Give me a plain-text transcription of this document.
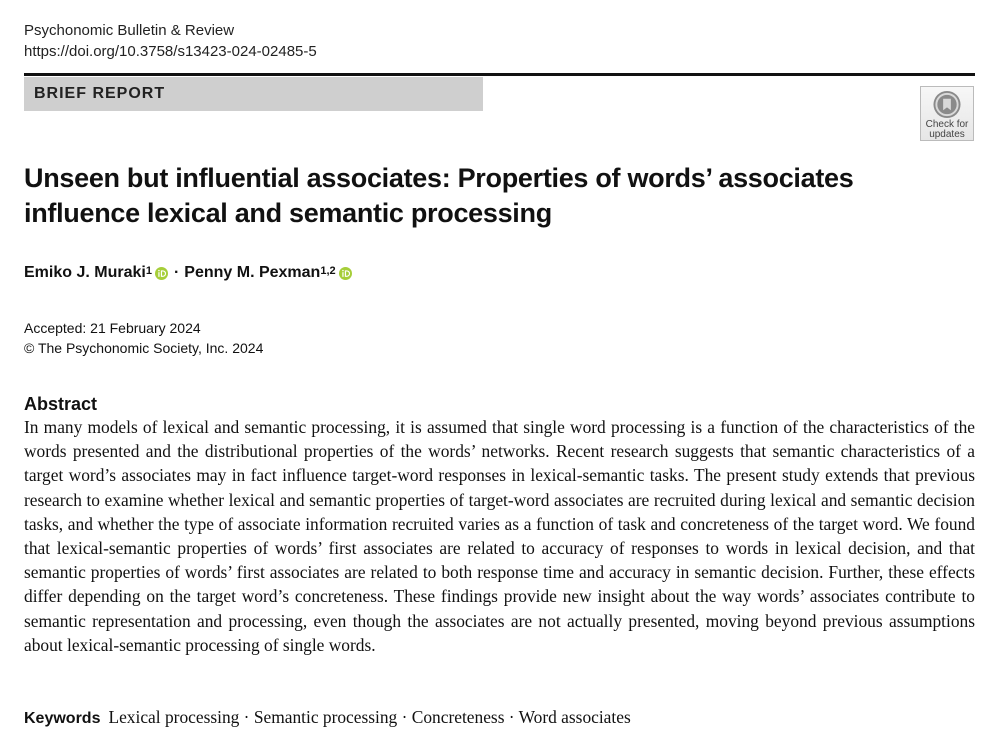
Psychonomic Bulletin & Review
https://doi.org/10.3758/s13423-024-02485-5
BRIEF REPORT
Check for
updates
Unseen but influential associates: Properties of words’ associates influence lexical and semantic processing
Emiko J. Muraki$^1$ · Penny M. Pexman$^{1,2}$
Accepted: 21 February 2024
© The Psychonomic Society, Inc. 2024
Abstract
In many models of lexical and semantic processing, it is assumed that single word processing is a function of the characteristics of the words presented and the distributional properties of the words’ networks. Recent research suggests that semantic characteristics of a target word’s associates may in fact influence target-word responses in lexical-semantic tasks. The present study extends that previous research to examine whether lexical and semantic properties of target-word associates are recruited during lexical and semantic decision tasks, and whether the type of associate information recruited varies as a function of task and concreteness of the target word. We found that lexical-semantic properties of words’ first associates are related to accuracy of responses to words in lexical decision, and that semantic properties of words’ first associates are related to both response time and accuracy in semantic decision. Further, these effects differ depending on the target word’s concreteness. These findings provide new insight about the way words’ associates contribute to semantic representation and processing, even though the associates are not actually presented, moving beyond previous assumptions about lexical-semantic processing of single words.
Keywords Lexical processing · Semantic processing · Concreteness · Word associates
